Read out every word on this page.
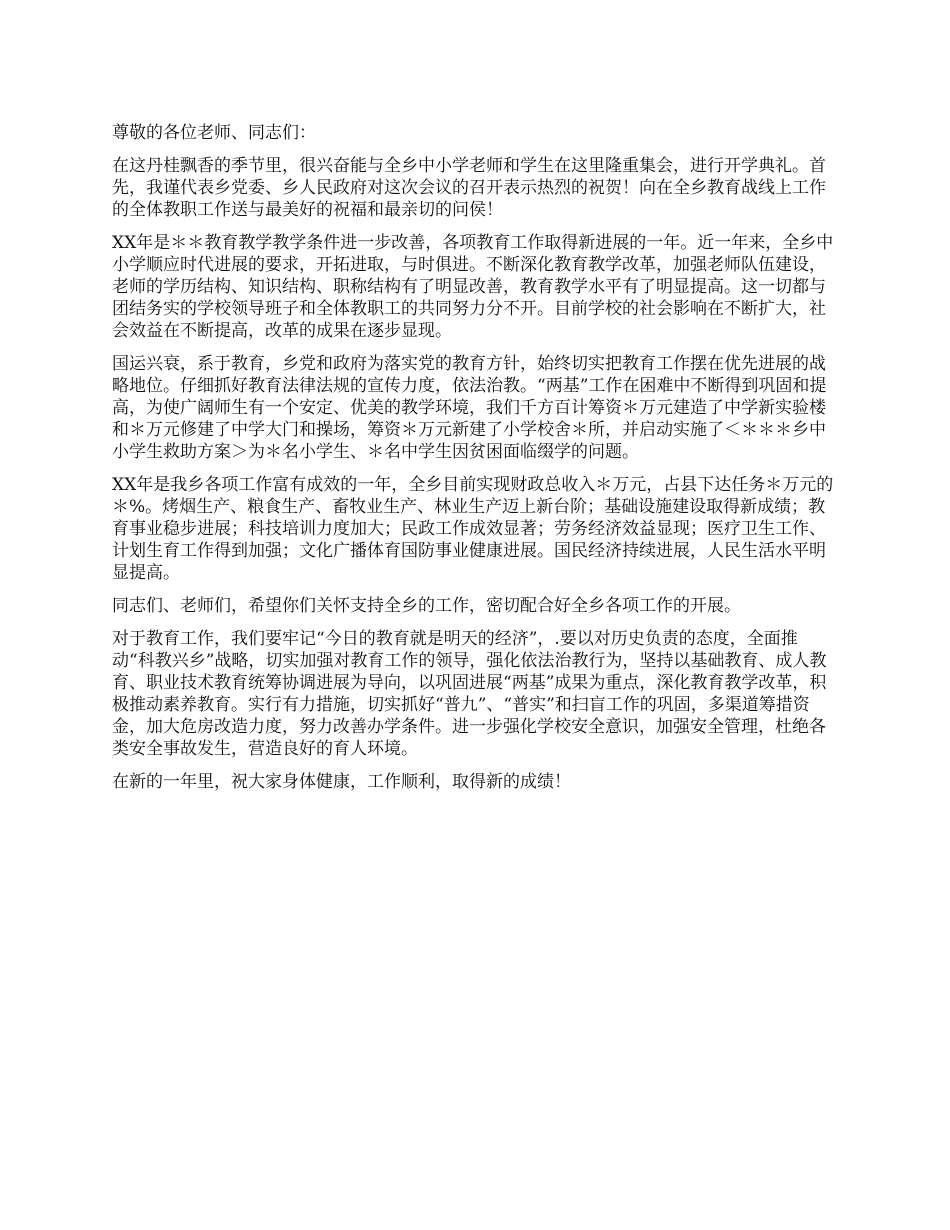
尊敬的各位老师、同志们：

在这丹桂飘香的季节里，很兴奋能与全乡中小学老师和学生在这里隆重集会，进行开学典礼。首先，我谨代表乡党委、乡人民政府对这次会议的召开表示热烈的祝贺！向在全乡教育战线上工作的全体教职工作送与最美好的祝福和最亲切的问侯！

XX年是＊＊教育教学教学条件进一步改善，各项教育工作取得新进展的一年。近一年来，全乡中小学顺应时代进展的要求，开拓进取，与时俱进。不断深化教育教学改革，加强老师队伍建设，老师的学历结构、知识结构、职称结构有了明显改善，教育教学水平有了明显提高。这一切都与团结务实的学校领导班子和全体教职工的共同努力分不开。目前学校的社会影响在不断扩大，社会效益在不断提高，改革的成果在逐步显现。

国运兴衰，系于教育，乡党和政府为落实党的教育方针，始终切实把教育工作摆在优先进展的战略地位。仔细抓好教育法律法规的宣传力度，依法治教。“两基”工作在困难中不断得到巩固和提高，为使广阔师生有一个安定、优美的教学环境，我们千方百计筹资＊万元建造了中学新实验楼和＊万元修建了中学大门和操场，筹资＊万元新建了小学校舍＊所，并启动实施了＜＊＊＊乡中小学生救助方案＞为＊名小学生、＊名中学生因贫困面临缀学的问题。

XX年是我乡各项工作富有成效的一年，全乡目前实现财政总收入＊万元，占县下达任务＊万元的＊%。烤烟生产、粮食生产、畜牧业生产、林业生产迈上新台阶；基础设施建设取得新成绩；教育事业稳步进展；科技培训力度加大；民政工作成效显著；劳务经济效益显现；医疗卫生工作、计划生育工作得到加强；文化广播体育国防事业健康进展。国民经济持续进展，人民生活水平明显提高。

同志们、老师们，希望你们关怀支持全乡的工作，密切配合好全乡各项工作的开展。

对于教育工作，我们要牢记“今日的教育就是明天的经济”，.要以对历史负责的态度，全面推动“科教兴乡”战略，切实加强对教育工作的领导，强化依法治教行为，坚持以基础教育、成人教育、职业技术教育统筹协调进展为导向，以巩固进展“两基”成果为重点，深化教育教学改革，积极推动素养教育。实行有力措施，切实抓好“普九”、“普实”和扫盲工作的巩固，多渠道筹措资金，加大危房改造力度，努力改善办学条件。进一步强化学校安全意识，加强安全管理，杜绝各类安全事故发生，营造良好的育人环境。

在新的一年里，祝大家身体健康，工作顺利，取得新的成绩！
